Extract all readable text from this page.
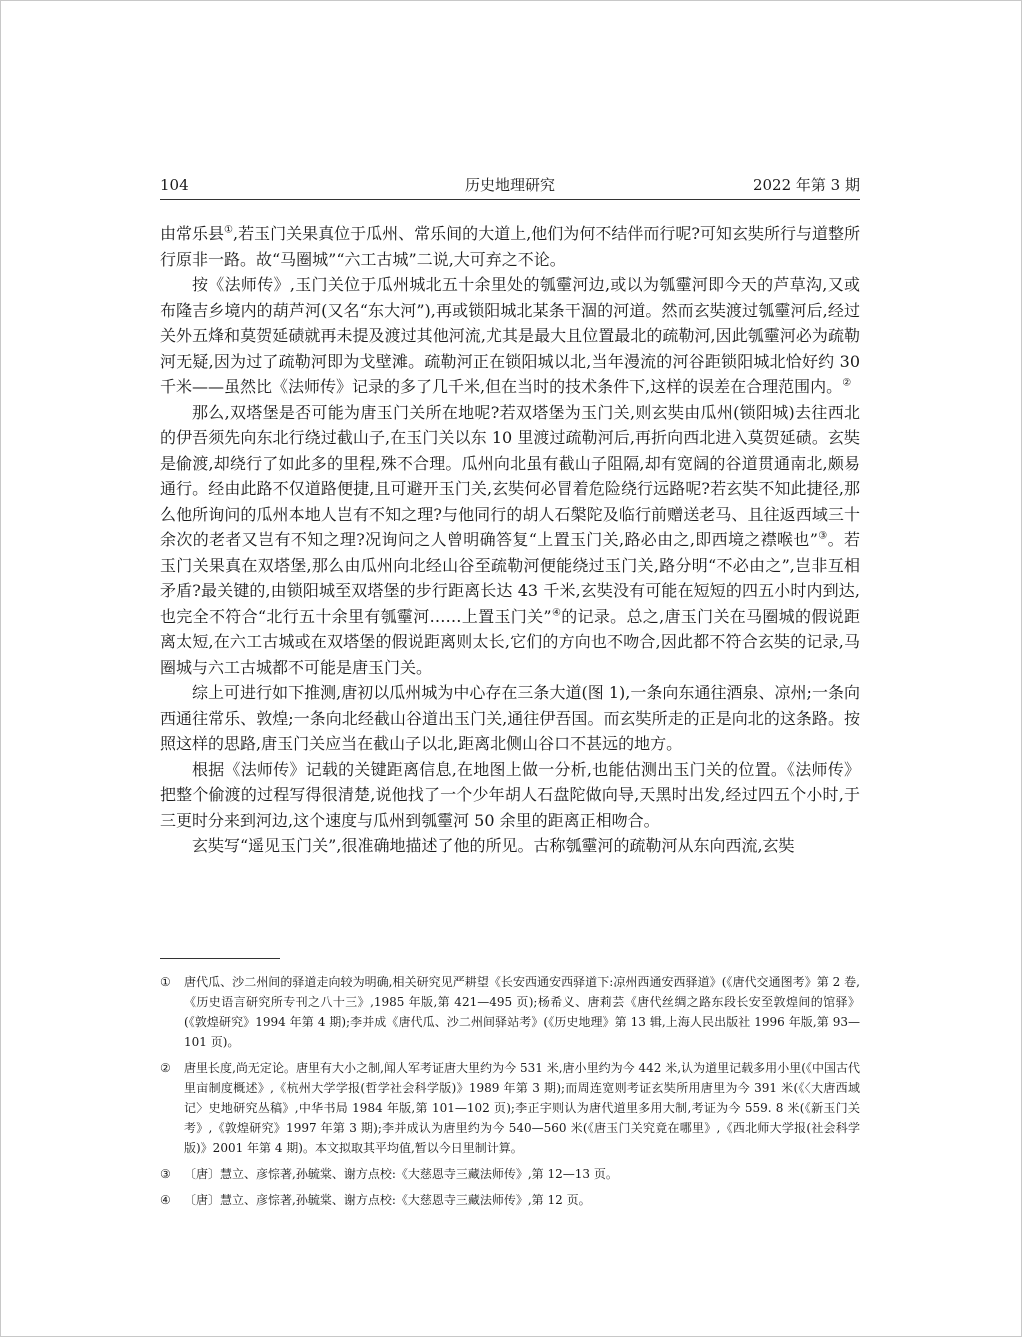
104	历史地理研究	2022 年第 3 期

由常乐县①,若玉门关果真位于瓜州、常乐间的大道上,他们为何不结伴而行呢?可知玄奘所行与道整所行原非一路。故“马圈城”“六工古城”二说,大可弃之不论。

按《法师传》,玉门关位于瓜州城北五十余里处的瓠𤫊河边,或以为瓠𤫊河即今天的芦草沟,又或布隆吉乡境内的葫芦河(又名“东大河”),再或锁阳城北某条干涸的河道。然而玄奘渡过瓠𤫊河后,经过关外五烽和莫贺延碛就再未提及渡过其他河流,尤其是最大且位置最北的疏勒河,因此瓠𤫊河必为疏勒河无疑,因为过了疏勒河即为戈壁滩。疏勒河正在锁阳城以北,当年漫流的河谷距锁阳城北恰好约 30 千米——虽然比《法师传》记录的多了几千米,但在当时的技术条件下,这样的误差在合理范围内。②

那么,双塔堡是否可能为唐玉门关所在地呢?若双塔堡为玉门关,则玄奘由瓜州(锁阳城)去往西北的伊吾须先向东北行绕过截山子,在玉门关以东 10 里渡过疏勒河后,再折向西北进入莫贺延碛。玄奘是偷渡,却绕行了如此多的里程,殊不合理。瓜州向北虽有截山子阻隔,却有宽阔的谷道贯通南北,颇易通行。经由此路不仅道路便捷,且可避开玉门关,玄奘何必冒着危险绕行远路呢?若玄奘不知此捷径,那么他所询问的瓜州本地人岂有不知之理?与他同行的胡人石槃陀及临行前赠送老马、且往返西域三十余次的老者又岂有不知之理?况询问之人曾明确答复“上置玉门关,路必由之,即西境之襟喉也”③。若玉门关果真在双塔堡,那么由瓜州向北经山谷至疏勒河便能绕过玉门关,路分明“不必由之”,岂非互相矛盾?最关键的,由锁阳城至双塔堡的步行距离长达 43 千米,玄奘没有可能在短短的四五小时内到达,也完全不符合“北行五十余里有瓠𤫊河……上置玉门关”④的记录。总之,唐玉门关在马圈城的假说距离太短,在六工古城或在双塔堡的假说距离则太长,它们的方向也不吻合,因此都不符合玄奘的记录,马圈城与六工古城都不可能是唐玉门关。

综上可进行如下推测,唐初以瓜州城为中心存在三条大道(图 1),一条向东通往酒泉、凉州;一条向西通往常乐、敦煌;一条向北经截山谷道出玉门关,通往伊吾国。而玄奘所走的正是向北的这条路。按照这样的思路,唐玉门关应当在截山子以北,距离北侧山谷口不甚远的地方。

根据《法师传》记载的关键距离信息,在地图上做一分析,也能估测出玉门关的位置。《法师传》把整个偷渡的过程写得很清楚,说他找了一个少年胡人石盘陀做向导,天黑时出发,经过四五个小时,于三更时分来到河边,这个速度与瓜州到瓠𤫊河 50 余里的距离正相吻合。

玄奘写“遥见玉门关”,很准确地描述了他的所见。古称瓠𤫊河的疏勒河从东向西流,玄奘

① 唐代瓜、沙二州间的驿道走向较为明确,相关研究见严耕望《长安西通安西驿道下:凉州西通安西驿道》(《唐代交通图考》第 2 卷,《历史语言研究所专刊之八十三》,1985 年版,第 421—495 页);杨希义、唐莉芸《唐代丝绸之路东段长安至敦煌间的馆驿》(《敦煌研究》1994 年第 4 期);李并成《唐代瓜、沙二州间驿站考》(《历史地理》第 13 辑,上海人民出版社 1996 年版,第 93—101 页)。
② 唐里长度,尚无定论。唐里有大小之制,闻人军考证唐大里约为今 531 米,唐小里约为今 442 米,认为道里记载多用小里(《中国古代里亩制度概述》,《杭州大学学报(哲学社会科学版)》1989 年第 3 期);而周连宽则考证玄奘所用唐里为今 391 米(《〈大唐西域记〉史地研究丛稿》,中华书局 1984 年版,第 101—102 页);李正宇则认为唐代道里多用大制,考证为今 559. 8 米(《新玉门关考》,《敦煌研究》1997 年第 3 期);李并成认为唐里约为今 540—560 米(《唐玉门关究竟在哪里》,《西北师大学报(社会科学版)》2001 年第 4 期)。本文拟取其平均值,暂以今日里制计算。
③ 〔唐〕慧立、彦悰著,孙毓棠、谢方点校:《大慈恩寺三藏法师传》,第 12—13 页。
④ 〔唐〕慧立、彦悰著,孙毓棠、谢方点校:《大慈恩寺三藏法师传》,第 12 页。
